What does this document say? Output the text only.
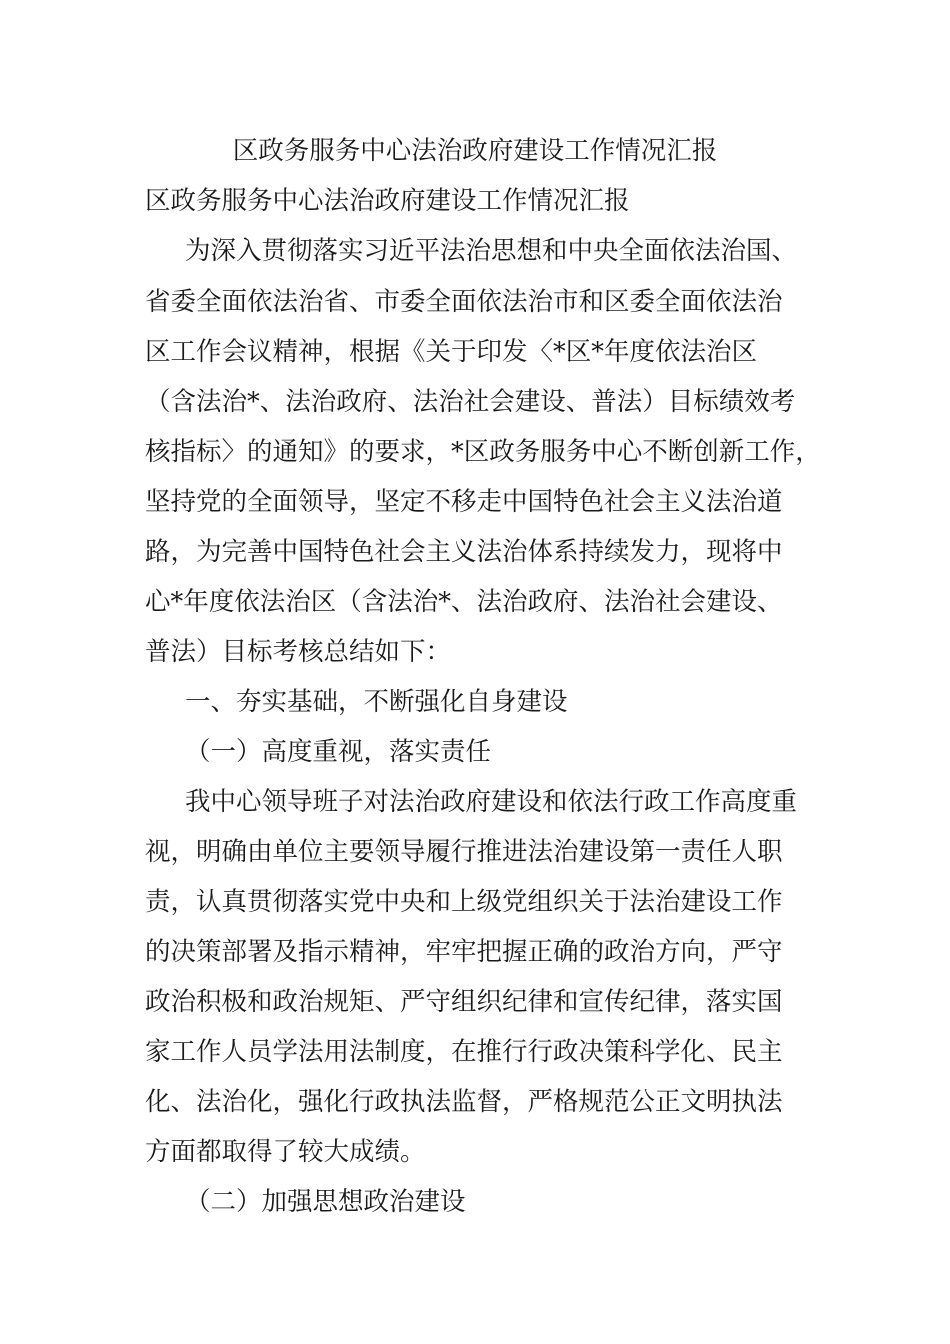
区政务服务中心法治政府建设工作情况汇报
区政务服务中心法治政府建设工作情况汇报
为深入贯彻落实习近平法治思想和中央全面依法治国、
省委全面依法治省、市委全面依法治市和区委全面依法治
区工作会议精神，根据《关于印发〈*区*年度依法治区
（含法治*、法治政府、法治社会建设、普法）目标绩效考
核指标〉的通知》的要求，*区政务服务中心不断创新工作，
坚持党的全面领导，坚定不移走中国特色社会主义法治道
路，为完善中国特色社会主义法治体系持续发力，现将中
心*年度依法治区（含法治*、法治政府、法治社会建设、
普法）目标考核总结如下：
一、夯实基础，不断强化自身建设
（一）高度重视，落实责任
我中心领导班子对法治政府建设和依法行政工作高度重
视，明确由单位主要领导履行推进法治建设第一责任人职
责，认真贯彻落实党中央和上级党组织关于法治建设工作
的决策部署及指示精神，牢牢把握正确的政治方向，严守
政治积极和政治规矩、严守组织纪律和宣传纪律，落实国
家工作人员学法用法制度，在推行行政决策科学化、民主
化、法治化，强化行政执法监督，严格规范公正文明执法
方面都取得了较大成绩。
（二）加强思想政治建设
